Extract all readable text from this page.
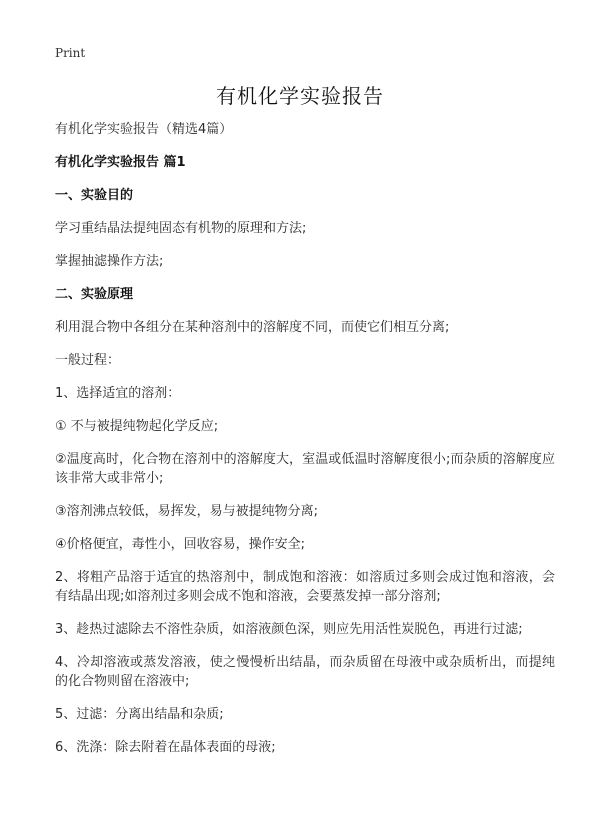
Print
有机化学实验报告

有机化学实验报告（精选4篇）

有机化学实验报告 篇1

一、实验目的

学习重结晶法提纯固态有机物的原理和方法;

掌握抽滤操作方法;

二、实验原理

利用混合物中各组分在某种溶剂中的溶解度不同，而使它们相互分离;

一般过程：

1、选择适宜的溶剂：

① 不与被提纯物起化学反应;

②温度高时，化合物在溶剂中的溶解度大，室温或低温时溶解度很小;而杂质的溶解度应该非常大或非常小;

③溶剂沸点较低，易挥发，易与被提纯物分离;

④价格便宜，毒性小，回收容易，操作安全;

2、将粗产品溶于适宜的热溶剂中，制成饱和溶液：如溶质过多则会成过饱和溶液，会有结晶出现;如溶剂过多则会成不饱和溶液，会要蒸发掉一部分溶剂;

3、趁热过滤除去不溶性杂质，如溶液颜色深，则应先用活性炭脱色，再进行过滤;

4、冷却溶液或蒸发溶液，使之慢慢析出结晶，而杂质留在母液中或杂质析出，而提纯的化合物则留在溶液中;

5、过滤：分离出结晶和杂质;

6、洗涤：除去附着在晶体表面的母液;
